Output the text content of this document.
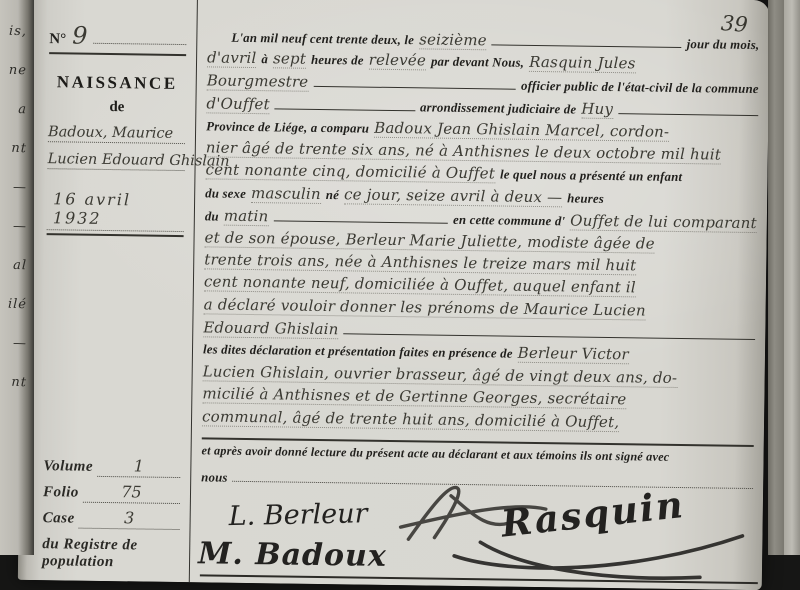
is,
ne
a
nt
—
—
al
ilé
—
nt
N° 9
NAISSANCE
de
Badoux, Maurice
Lucien Edouard Ghislain
16 avril 1932
Volume	1
Folio	75
Case	3
du Registre de population
L'an mil neuf cent trente deux, le seizième	jour du mois,
d'avril à sept heures de relevée par devant Nous, Rasquin Jules
Bourgmestre	officier public de l'état-civil de la commune
d'Ouffet	arrondissement judiciaire de Huy
Province de Liége, a comparu Badoux Jean Ghislain Marcel, cordon-
nier âgé de trente six ans, né à Anthisnes le deux octobre mil huit
cent nonante cinq, domicilié à Ouffet le quel nous a présenté un enfant
du sexe masculin né ce jour, seize avril à deux — heures
du matin	en cette commune d' Ouffet de lui comparant
et de son épouse, Berleur Marie Juliette, modiste âgée de
trente trois ans, née à Anthisnes le treize mars mil huit
cent nonante neuf, domiciliée à Ouffet, auquel enfant il
a déclaré vouloir donner les prénoms de Maurice Lucien
Edouard Ghislain
les dites déclaration et présentation faites en présence de Berleur Victor
Lucien Ghislain, ouvrier brasseur, âgé de vingt deux ans, do-
micilié à Anthisnes et de Gertinne Georges, secrétaire
communal, âgé de trente huit ans, domicilié à Ouffet,
et après avoir donné lecture du présent acte au déclarant et aux témoins ils ont signé avec
nous
L. Berleur	Rasquin
M. Badoux
39
